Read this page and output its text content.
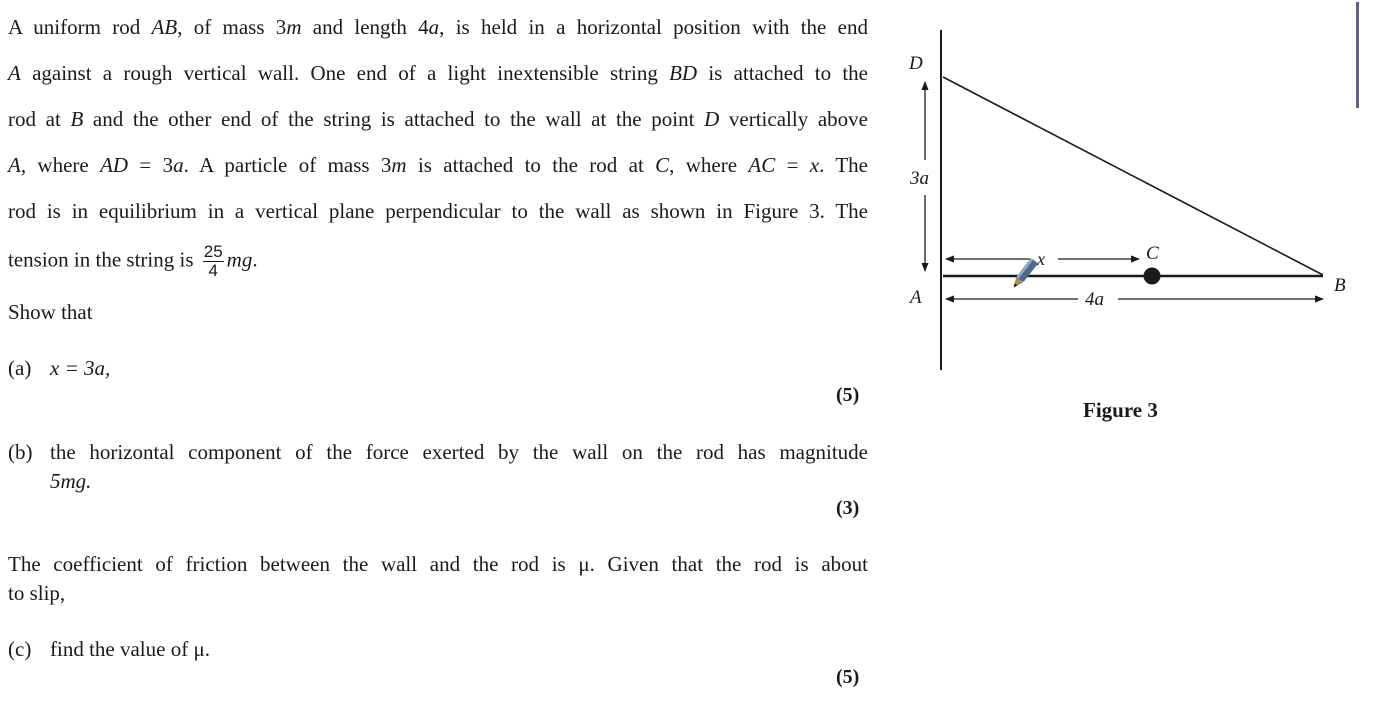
A uniform rod AB, of mass 3m and length 4a, is held in a horizontal position with the end
A against a rough vertical wall. One end of a light inextensible string BD is attached to the
rod at B and the other end of the string is attached to the wall at the point D vertically above
A, where AD = 3a. A particle of mass 3m is attached to the rod at C, where AC = x. The
rod is in equilibrium in a vertical plane perpendicular to the wall as shown in Figure 3. The
tension in the string is $\frac{25}{4}$ mg.
Show that
(a) x = 3a,
(5)
(b) the horizontal component of the force exerted by the wall on the rod has magnitude
5mg.
(3)
The coefficient of friction between the wall and the rod is μ. Given that the rod is about
to slip,
(c) find the value of μ.
(5)
D
3a
A
x	C
4a
B
Figure 3
